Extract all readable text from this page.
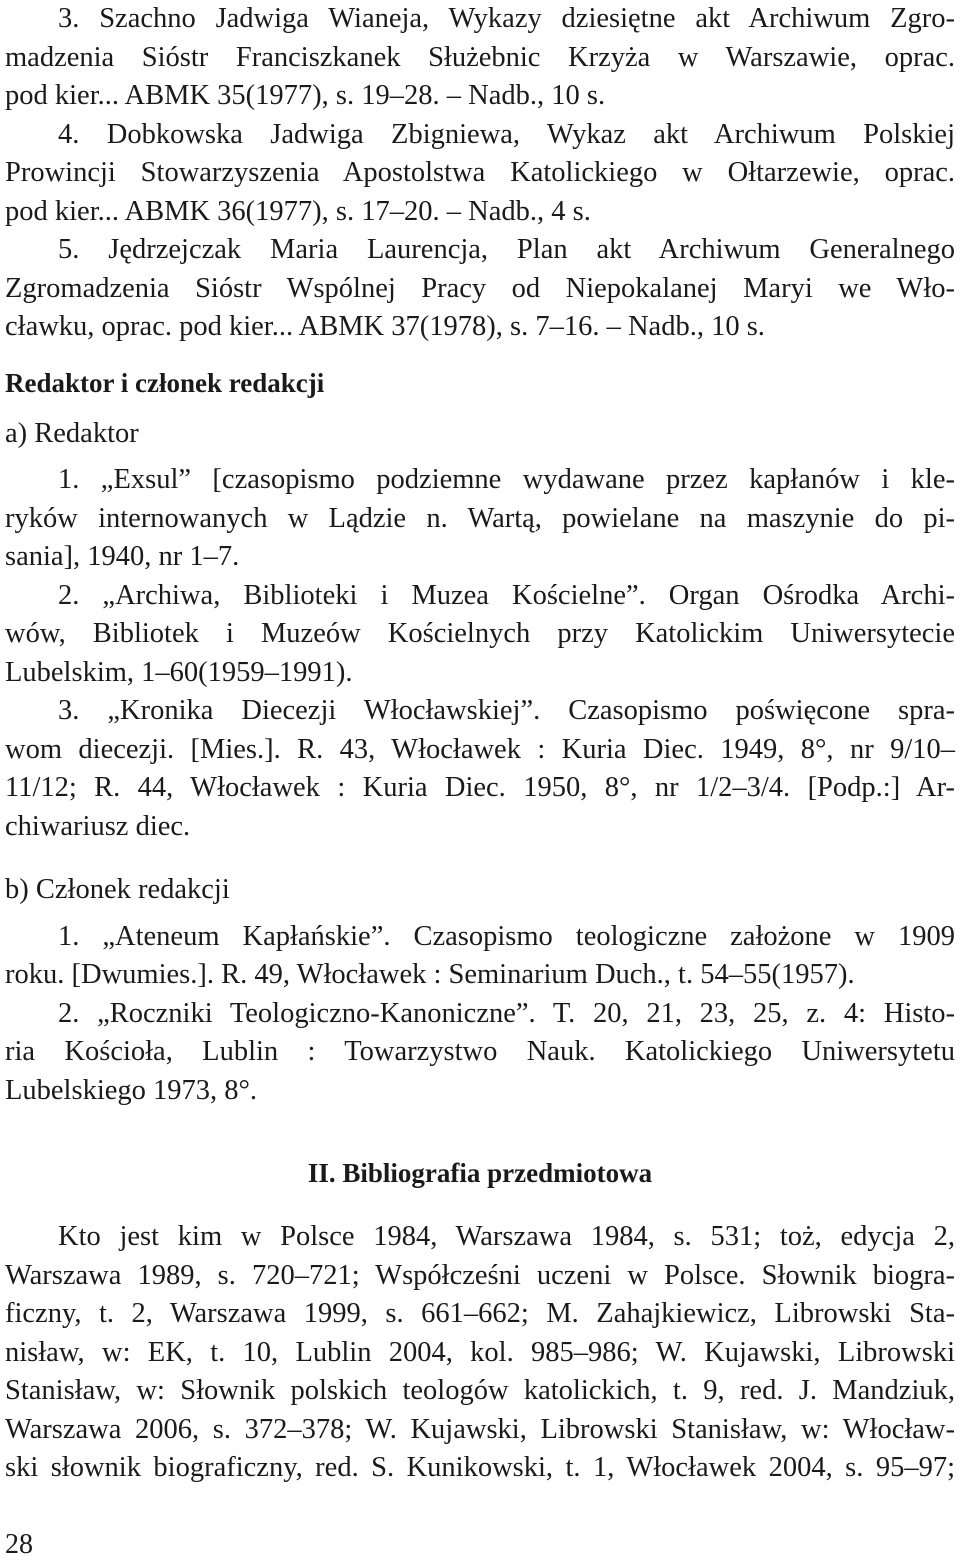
3. Szachno Jadwiga Wianeja, Wykazy dziesiętne akt Archiwum Zgro-

madzenia Sióstr Franciszkanek Służebnic Krzyża w Warszawie, oprac.

pod kier... ABMK 35(1977), s. 19–28. – Nadb., 10 s.

4. Dobkowska Jadwiga Zbigniewa, Wykaz akt Archiwum Polskiej

Prowincji Stowarzyszenia Apostolstwa Katolickiego w Ołtarzewie, oprac.

pod kier... ABMK 36(1977), s. 17–20. – Nadb., 4 s.

5. Jędrzejczak Maria Laurencja, Plan akt Archiwum Generalnego

Zgromadzenia Sióstr Wspólnej Pracy od Niepokalanej Maryi we Wło-

cławku, oprac. pod kier... ABMK 37(1978), s. 7–16. – Nadb., 10 s.

Redaktor i członek redakcji
a) Redaktor

1. „Exsul” [czasopismo podziemne wydawane przez kapłanów i kle-

ryków internowanych w Lądzie n. Wartą, powielane na maszynie do pi-

sania], 1940, nr 1–7.

2. „Archiwa, Biblioteki i Muzea Kościelne”. Organ Ośrodka Archi-

wów, Bibliotek i Muzeów Kościelnych przy Katolickim Uniwersytecie

Lubelskim, 1–60(1959–1991).

3. „Kronika Diecezji Włocławskiej”. Czasopismo poświęcone spra-

wom diecezji. [Mies.]. R. 43, Włocławek : Kuria Diec. 1949, 8°, nr 9/10–

11/12; R. 44, Włocławek : Kuria Diec. 1950, 8°, nr 1/2–3/4. [Podp.:] Ar-

chiwariusz diec.

b) Członek redakcji

1. „Ateneum Kapłańskie”. Czasopismo teologiczne założone w 1909

roku. [Dwumies.]. R. 49, Włocławek : Seminarium Duch., t. 54–55(1957).

2. „Roczniki Teologiczno-Kanoniczne”. T. 20, 21, 23, 25, z. 4: Histo-

ria Kościoła, Lublin : Towarzystwo Nauk. Katolickiego Uniwersytetu

Lubelskiego 1973, 8°.

II. Bibliografia przedmiotowa

Kto jest kim w Polsce 1984, Warszawa 1984, s. 531; toż, edycja 2,

Warszawa 1989, s. 720–721; Współcześni uczeni w Polsce. Słownik biogra-

ficzny, t. 2, Warszawa 1999, s. 661–662; M. Zahajkiewicz, Librowski Sta-

nisław, w: EK, t. 10, Lublin 2004, kol. 985–986; W. Kujawski, Librowski

Stanisław, w: Słownik polskich teologów katolickich, t. 9, red. J. Mandziuk,

Warszawa 2006, s. 372–378; W. Kujawski, Librowski Stanisław, w: Włocław-

ski słownik biograficzny, red. S. Kunikowski, t. 1, Włocławek 2004, s. 95–97;

28
